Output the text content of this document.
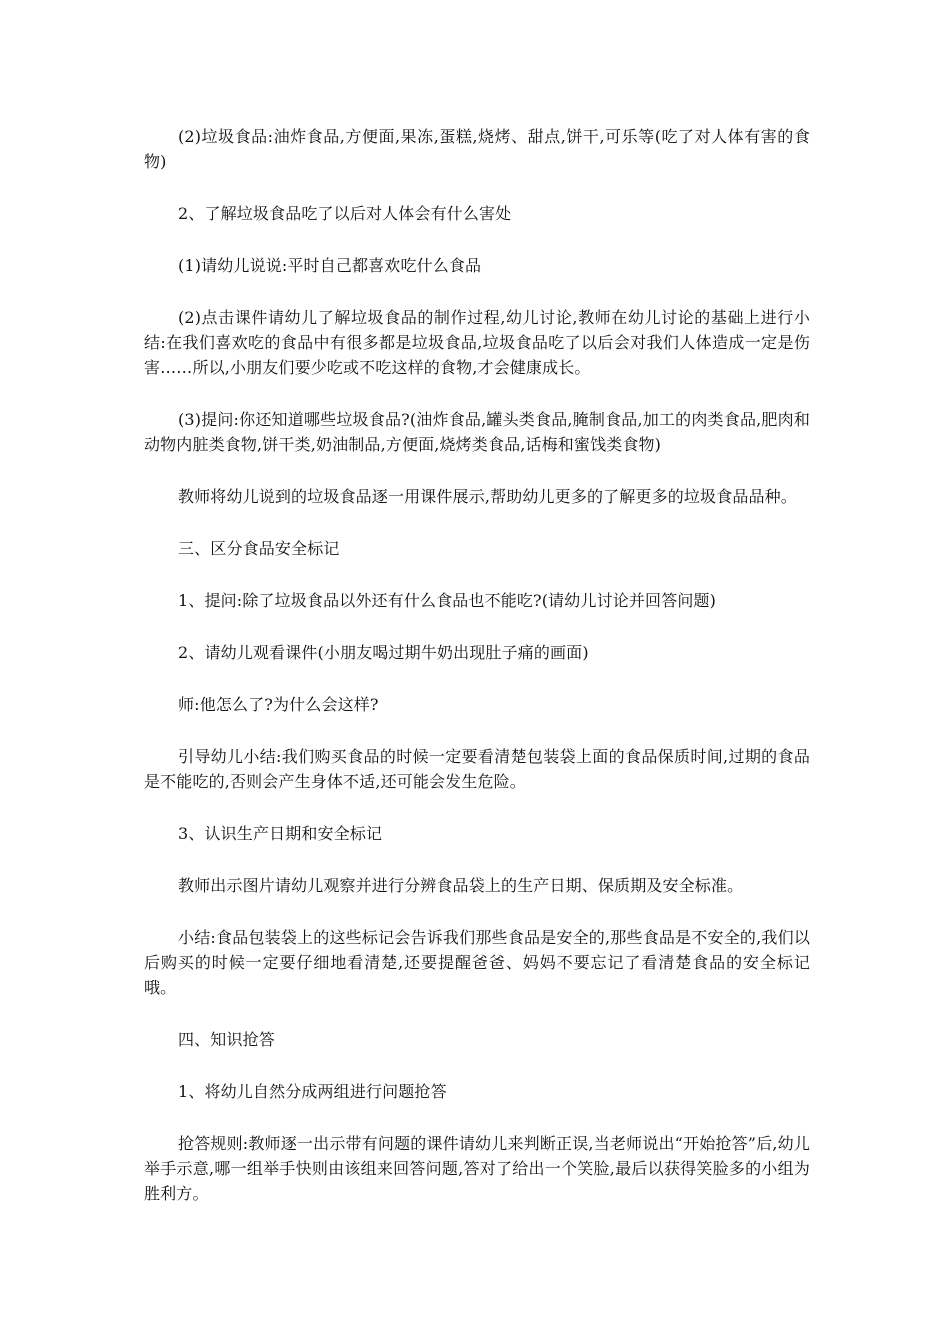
(2)垃圾食品:油炸食品,方便面,果冻,蛋糕,烧烤、甜点,饼干,可乐等(吃了对人体有害的食物)

2、了解垃圾食品吃了以后对人体会有什么害处

(1)请幼儿说说:平时自己都喜欢吃什么食品

(2)点击课件请幼儿了解垃圾食品的制作过程,幼儿讨论,教师在幼儿讨论的基础上进行小结:在我们喜欢吃的食品中有很多都是垃圾食品,垃圾食品吃了以后会对我们人体造成一定是伤害……所以,小朋友们要少吃或不吃这样的食物,才会健康成长。

(3)提问:你还知道哪些垃圾食品?(油炸食品,罐头类食品,腌制食品,加工的肉类食品,肥肉和动物内脏类食物,饼干类,奶油制品,方便面,烧烤类食品,话梅和蜜饯类食物)

教师将幼儿说到的垃圾食品逐一用课件展示,帮助幼儿更多的了解更多的垃圾食品品种。

三、区分食品安全标记

1、提问:除了垃圾食品以外还有什么食品也不能吃?(请幼儿讨论并回答问题)

2、请幼儿观看课件(小朋友喝过期牛奶出现肚子痛的画面)

师:他怎么了?为什么会这样?

引导幼儿小结:我们购买食品的时候一定要看清楚包装袋上面的食品保质时间,过期的食品是不能吃的,否则会产生身体不适,还可能会发生危险。

3、认识生产日期和安全标记

教师出示图片请幼儿观察并进行分辨食品袋上的生产日期、保质期及安全标准。

小结:食品包装袋上的这些标记会告诉我们那些食品是安全的,那些食品是不安全的,我们以后购买的时候一定要仔细地看清楚,还要提醒爸爸、妈妈不要忘记了看清楚食品的安全标记哦。

四、知识抢答

1、将幼儿自然分成两组进行问题抢答

抢答规则:教师逐一出示带有问题的课件请幼儿来判断正误,当老师说出“开始抢答”后,幼儿举手示意,哪一组举手快则由该组来回答问题,答对了给出一个笑脸,最后以获得笑脸多的小组为胜利方。
